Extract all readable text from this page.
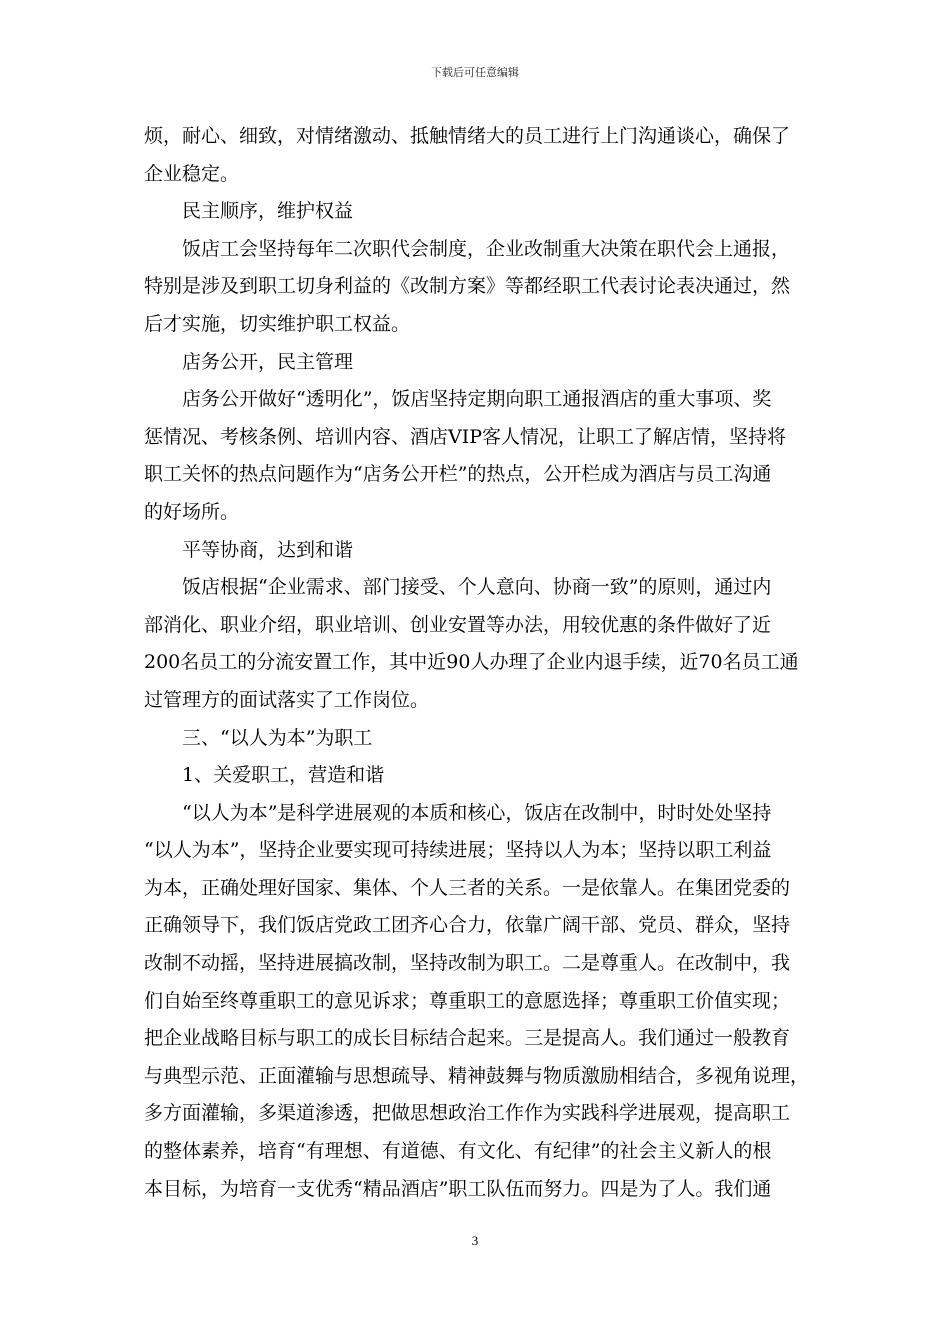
下载后可任意编辑
烦，耐心、细致，对情绪激动、抵触情绪大的员工进行上门沟通谈心，确保了
企业稳定。
民主顺序，维护权益
饭店工会坚持每年二次职代会制度，企业改制重大决策在职代会上通报，
特别是涉及到职工切身利益的《改制方案》等都经职工代表讨论表决通过，然
后才实施，切实维护职工权益。
店务公开，民主管理
店务公开做好“透明化”，饭店坚持定期向职工通报酒店的重大事项、奖
惩情况、考核条例、培训内容、酒店VIP客人情况，让职工了解店情，坚持将
职工关怀的热点问题作为“店务公开栏”的热点，公开栏成为酒店与员工沟通
的好场所。
平等协商，达到和谐
饭店根据“企业需求、部门接受、个人意向、协商一致”的原则，通过内
部消化、职业介绍，职业培训、创业安置等办法，用较优惠的条件做好了近
200名员工的分流安置工作，其中近90人办理了企业内退手续，近70名员工通
过管理方的面试落实了工作岗位。
三、“以人为本”为职工
1、关爱职工，营造和谐
“以人为本”是科学进展观的本质和核心，饭店在改制中，时时处处坚持
“以人为本”，坚持企业要实现可持续进展；坚持以人为本；坚持以职工利益
为本，正确处理好国家、集体、个人三者的关系。一是依靠人。在集团党委的
正确领导下，我们饭店党政工团齐心合力，依靠广阔干部、党员、群众，坚持
改制不动摇，坚持进展搞改制，坚持改制为职工。二是尊重人。在改制中，我
们自始至终尊重职工的意见诉求；尊重职工的意愿选择；尊重职工价值实现；
把企业战略目标与职工的成长目标结合起来。三是提高人。我们通过一般教育
与典型示范、正面灌输与思想疏导、精神鼓舞与物质激励相结合，多视角说理，
多方面灌输，多渠道渗透，把做思想政治工作作为实践科学进展观，提高职工
的整体素养，培育“有理想、有道德、有文化、有纪律”的社会主义新人的根
本目标，为培育一支优秀“精品酒店”职工队伍而努力。四是为了人。我们通
3
